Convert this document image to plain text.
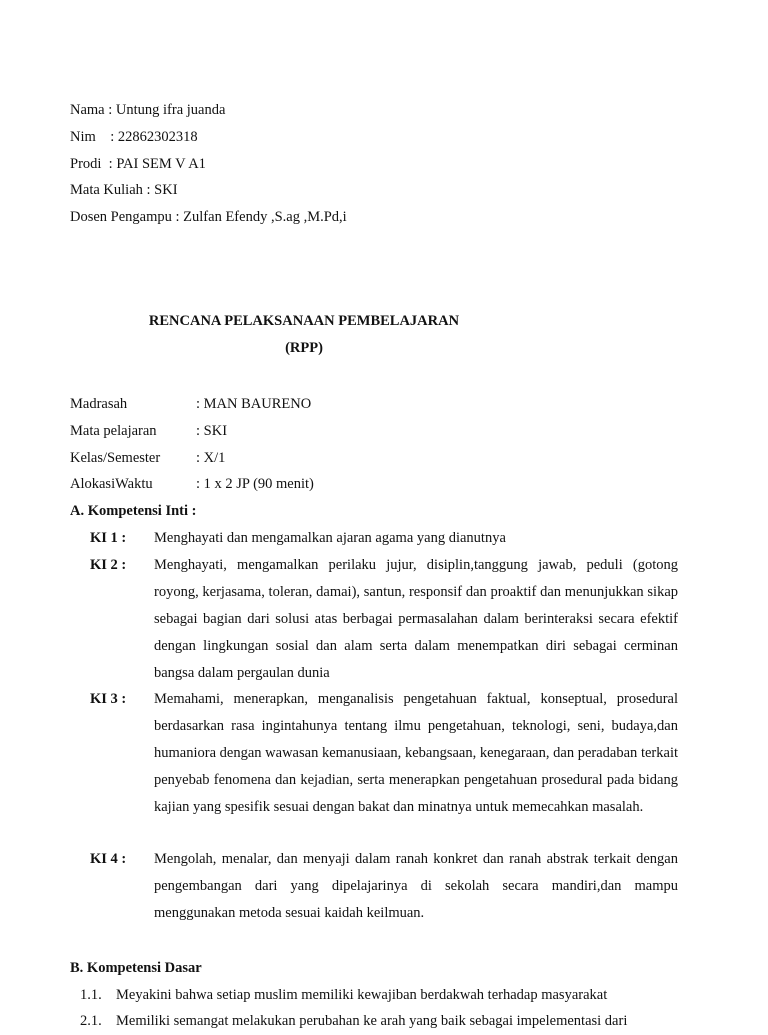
Nama : Untung ifra juanda
Nim    : 22862302318
Prodi  : PAI SEM V A1
Mata Kuliah : SKI
Dosen Pengampu : Zulfan Efendy ,S.ag ,M.Pd,i
RENCANA PELAKSANAAN PEMBELAJARAN
(RPP)
Madrasah	: MAN BAURENO
Mata pelajaran	: SKI
Kelas/Semester	: X/1
AlokasiWaktu	: 1 x 2 JP (90 menit)
A. Kompetensi Inti :
KI 1 :	Menghayati dan mengamalkan ajaran agama yang dianutnya
KI 2 :	Menghayati, mengamalkan perilaku jujur, disiplin,tanggung jawab, peduli (gotong royong, kerjasama, toleran, damai), santun, responsif dan proaktif dan menunjukkan sikap sebagai bagian dari solusi atas berbagai permasalahan dalam berinteraksi secara efektif dengan lingkungan sosial dan alam serta dalam menempatkan diri sebagai cerminan bangsa dalam pergaulan dunia
KI 3 :	Memahami, menerapkan, menganalisis pengetahuan faktual, konseptual, prosedural berdasarkan rasa ingintahunya tentang ilmu pengetahuan, teknologi, seni, budaya,dan humaniora dengan wawasan kemanusiaan, kebangsaan, kenegaraan, dan peradaban terkait penyebab fenomena dan kejadian, serta menerapkan pengetahuan prosedural pada bidang kajian yang spesifik sesuai dengan bakat dan minatnya untuk memecahkan masalah.
KI 4 :	Mengolah, menalar, dan menyaji dalam ranah konkret dan ranah abstrak terkait dengan pengembangan dari yang dipelajarinya di sekolah secara mandiri,dan mampu menggunakan metoda sesuai kaidah keilmuan.
B. Kompetensi Dasar
1.1. Meyakini bahwa setiap muslim memiliki kewajiban berdakwah terhadap masyarakat
2.1. Memiliki semangat melakukan perubahan ke arah yang baik sebagai impelementasi dari
